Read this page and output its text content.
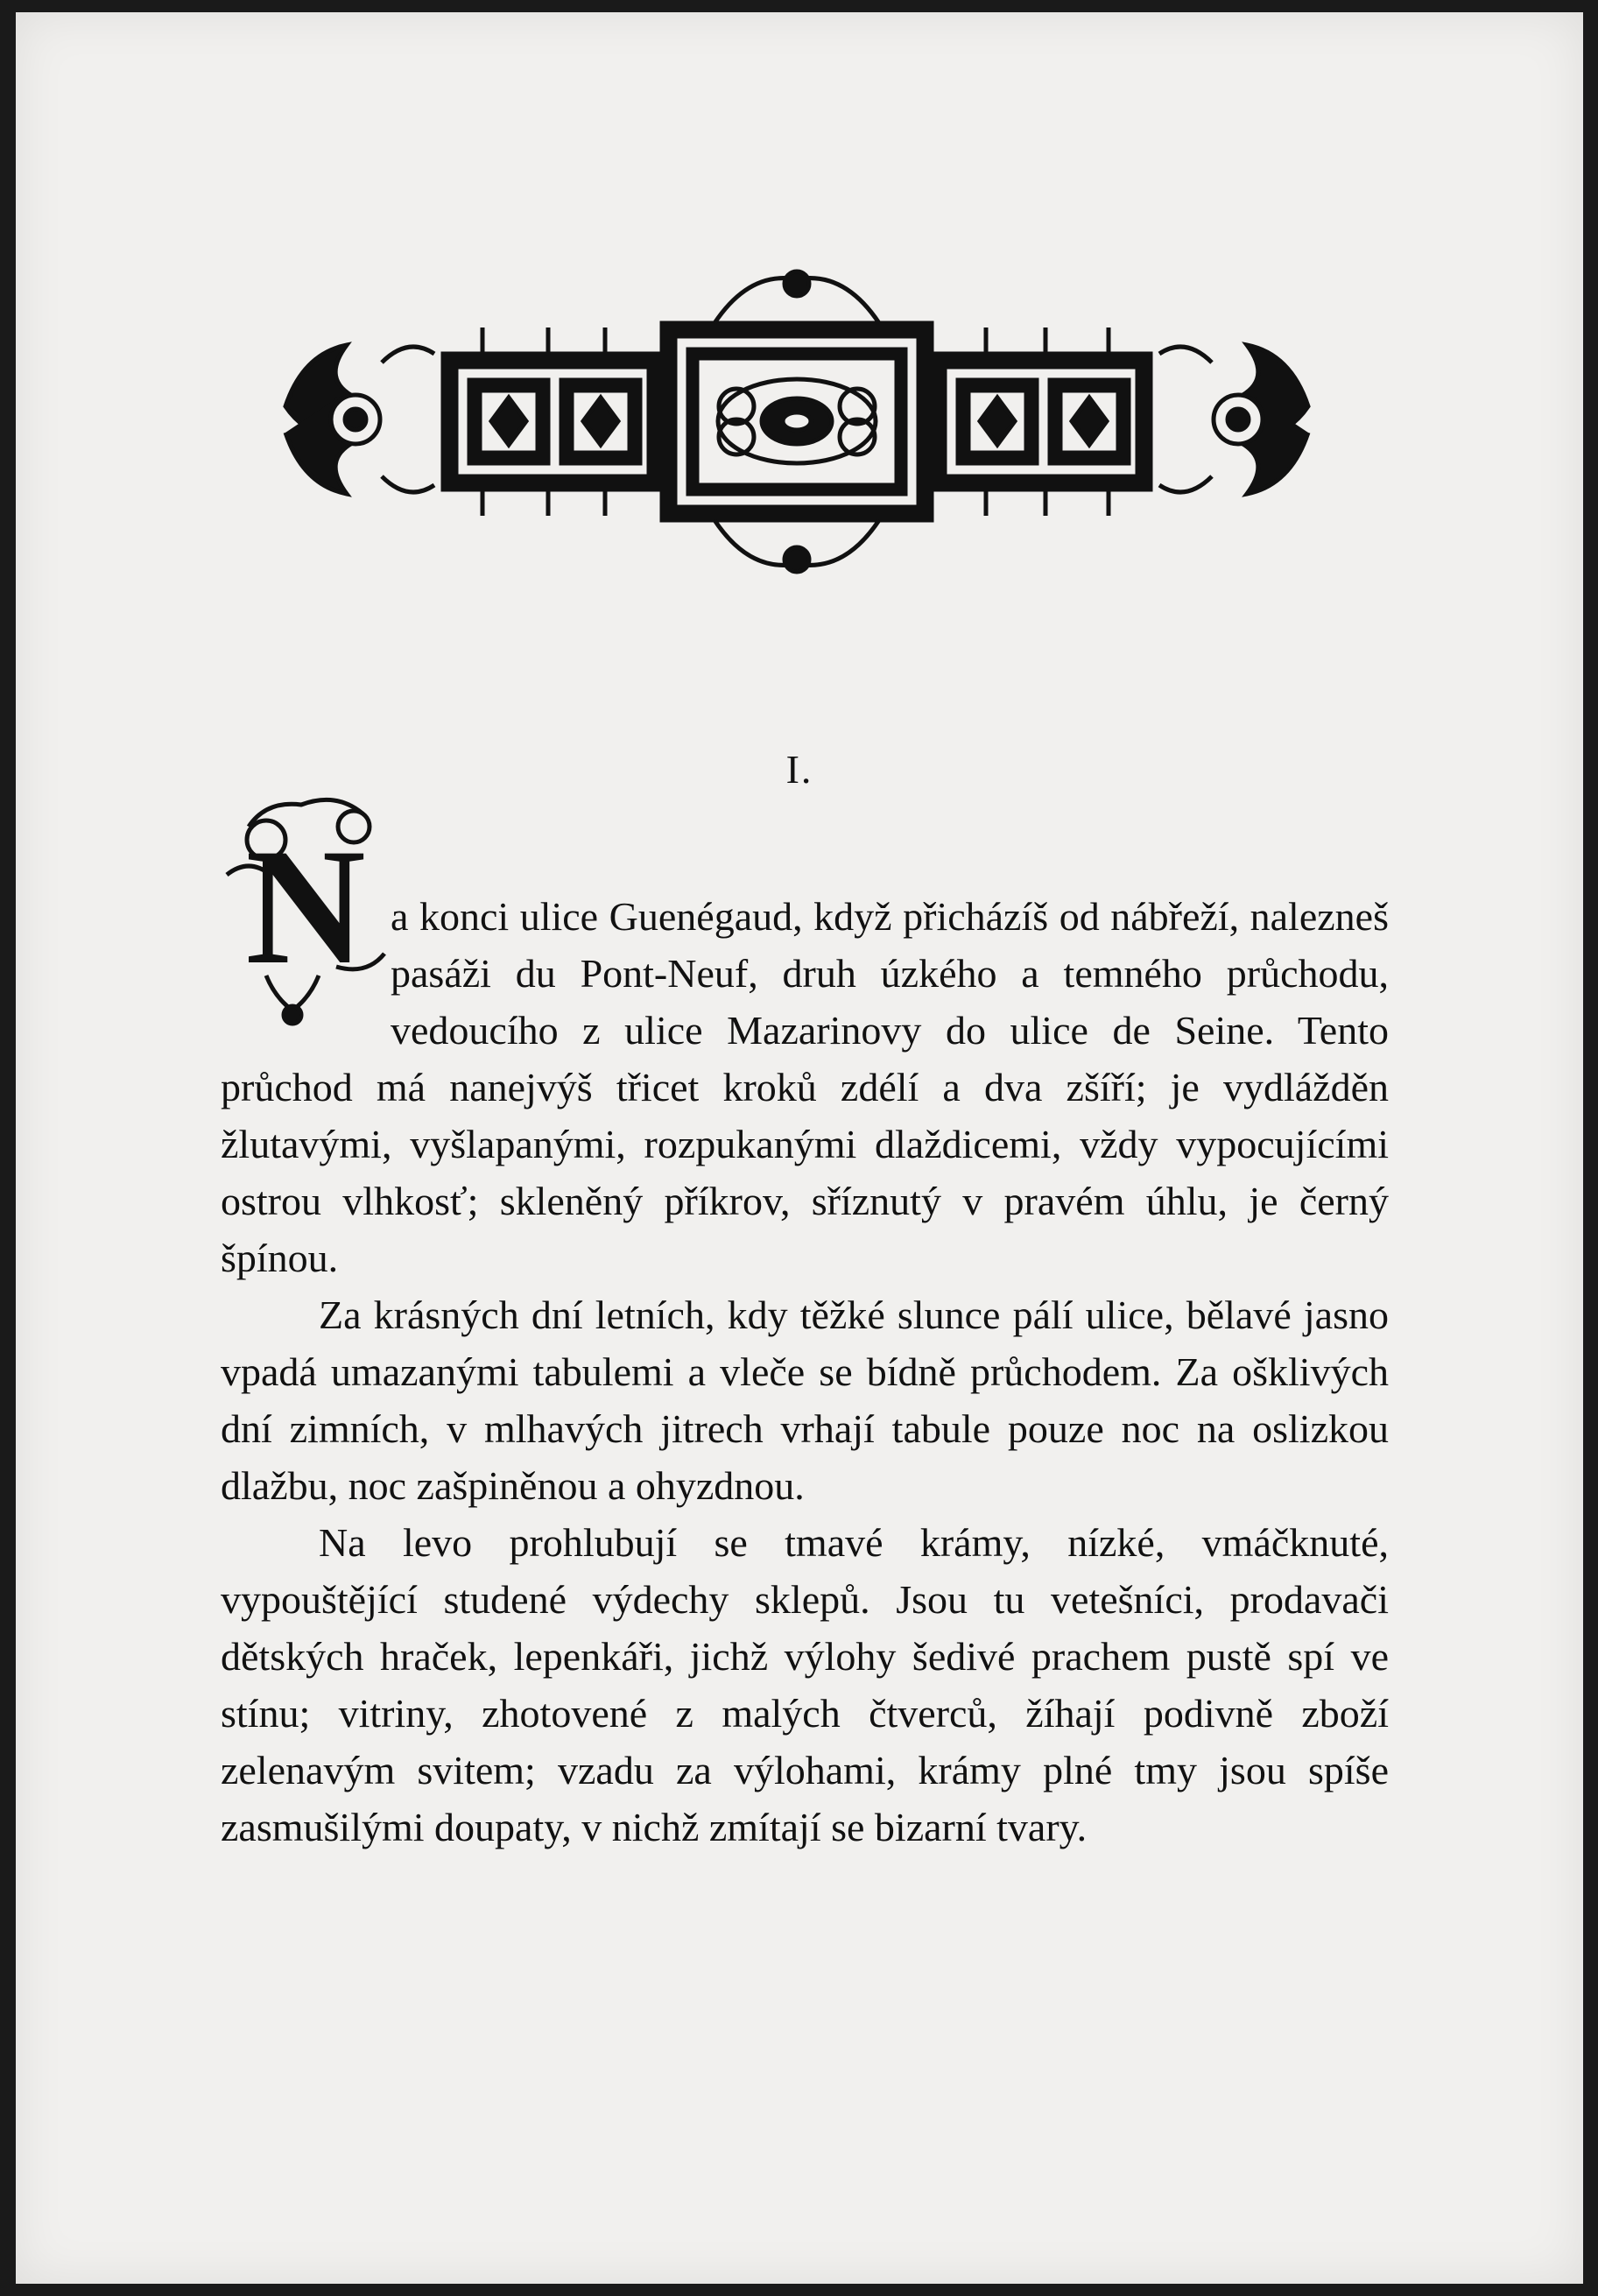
I.
N a konci ulice Guenégaud, když přicházíš od nábřeží, nalezneš pasáži du Pont-Neuf, druh úzkého a temného průchodu, vedoucího z ulice Mazarinovy do ulice de Seine. Tento průchod má nanejvýš třicet kroků zdélí a dva zšíří; je vydlážděn žlutavými, vyšlapanými, rozpukanými dlaždicemi, vždy vypocujícími ostrou vlhkosť; skleněný příkrov, sříznutý v pravém úhlu, je černý špínou.

Za krásných dní letních, kdy těžké slunce pálí ulice, bělavé jasno vpadá umazanými tabulemi a vleče se bídně průchodem. Za ošklivých dní zimních, v mlhavých jitrech vrhají tabule pouze noc na oslizkou dlažbu, noc zašpiněnou a ohyzdnou.

Na levo prohlubují se tmavé krámy, nízké, vmáčknuté, vypouštějící studené výdechy sklepů. Jsou tu vetešníci, prodavači dětských hraček, lepenkáři, jichž výlohy šedivé prachem pustě spí ve stínu; vitriny, zhotovené z malých čtverců, žíhají podivně zboží zelenavým svitem; vzadu za výlohami, krámy plné tmy jsou spíše zasmušilými doupaty, v nichž zmítají se bizarní tvary.
